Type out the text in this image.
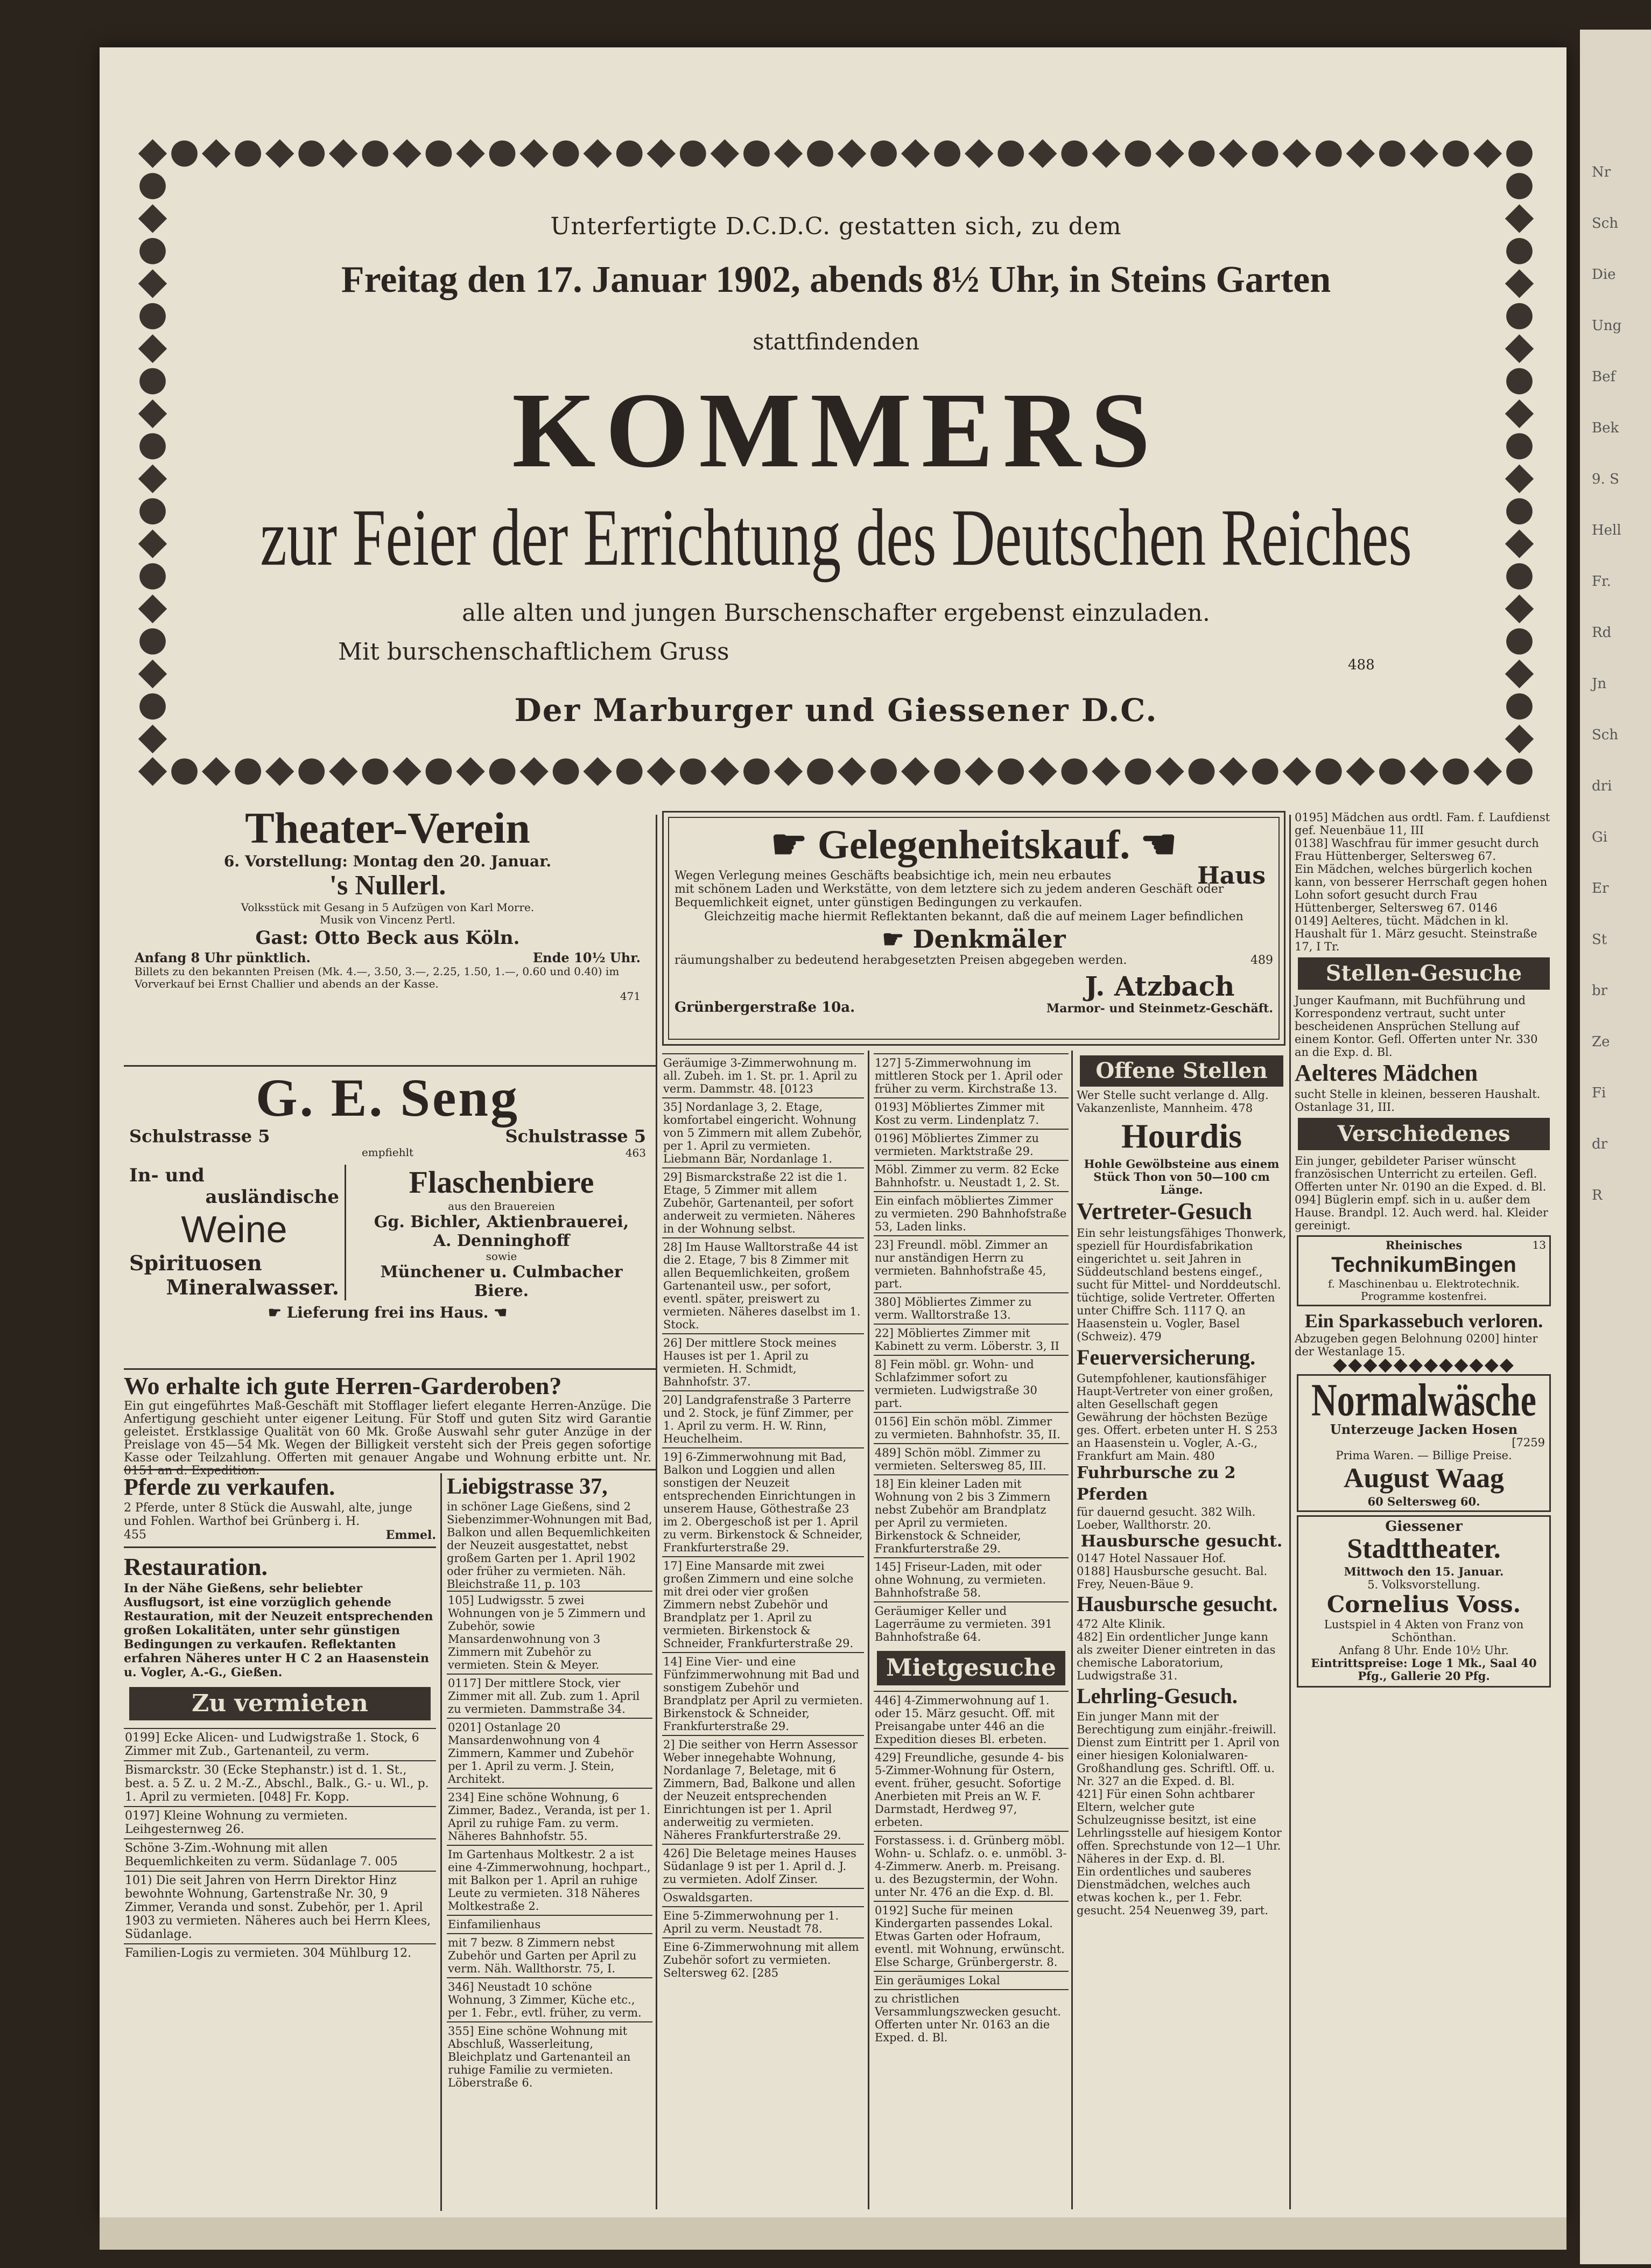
Unterfertigte D.C.D.C. gestatten sich, zu dem
Freitag den 17. Januar 1902, abends 8½ Uhr, in Steins Garten
stattfindenden
KOMMERS
zur Feier der Errichtung des Deutschen Reiches
alle alten und jungen Burschenschafter ergebenst einzuladen.
Mit burschenschaftlichem Gruss	488
Der Marburger und Giessener D.C.
Theater-Verein
6. Vorstellung: Montag den 20. Januar.
's Nullerl.
Volksstück mit Gesang in 5 Aufzügen von Karl Morre.
Musik von Vincenz Pertl.
Gast: Otto Beck aus Köln.
Anfang 8 Uhr pünktlich.	Ende 10½ Uhr.
Billets zu den bekannten Preisen (Mk. 4.—, 3.50, 3.—, 2.25, 1.50, 1.—, 0.60 und 0.40) im Vorverkauf bei Ernst Challier und abends an der Kasse.
471
G. E. Seng
Schulstrasse 5	Schulstrasse 5
empfiehlt	463
In- und
ausländische
Weine
Spirituosen
Mineralwasser.
Flaschenbiere
aus den Brauereien
Gg. Bichler, Aktienbrauerei,
A. Denninghoff
sowie
Münchener u. Culmbacher
Biere.
☛ Lieferung frei ins Haus. ☚
Wo erhalte ich gute Herren-Garderoben?
Ein gut eingeführtes Maß-Geschäft mit Stofflager liefert elegante Herren-Anzüge. Die Anfertigung geschieht unter eigener Leitung. Für Stoff und guten Sitz wird Garantie geleistet. Erstklassige Qualität von 60 Mk. Große Auswahl sehr guter Anzüge in der Preislage von 45—54 Mk. Wegen der Billigkeit versteht sich der Preis gegen sofortige Kasse oder Teilzahlung. Offerten mit genauer Angabe und Wohnung erbitte unt. Nr. 0151 an d. Expedition.
Pferde zu verkaufen.
2 Pferde, unter 8 Stück die Auswahl, alte, junge und Fohlen. Warthof bei Grünberg i. H.
455	Emmel.
Restauration.
In der Nähe Gießens, sehr beliebter Ausflugsort, ist eine vorzüglich gehende Restauration, mit der Neuzeit entsprechenden großen Lokalitäten, unter sehr günstigen Bedingungen zu verkaufen. Reflektanten erfahren Näheres unter H C 2 an Haasenstein u. Vogler, A.-G., Gießen.
Zu vermieten
0199] Ecke Alicen- und Ludwigstraße 1. Stock, 6 Zimmer mit Zub., Gartenanteil, zu verm.
Bismarckstr. 30 (Ecke Stephanstr.) ist d. 1. St., best. a. 5 Z. u. 2 M.-Z., Abschl., Balk., G.- u. Wl., p. 1. April zu vermieten. [048] Fr. Kopp.
0197] Kleine Wohnung zu vermieten. Leihgesternweg 26.
Schöne 3-Zim.-Wohnung mit allen Bequemlichkeiten zu verm. Südanlage 7. 005
101) Die seit Jahren von Herrn Direktor Hinz bewohnte Wohnung, Gartenstraße Nr. 30, 9 Zimmer, Veranda und sonst. Zubehör, per 1. April 1903 zu vermieten. Näheres auch bei Herrn Klees, Südanlage.
Familien-Logis zu vermieten. 304 Mühlburg 12.
Liebigstrasse 37,
in schöner Lage Gießens, sind 2 Siebenzimmer-Wohnungen mit Bad, Balkon und allen Bequemlichkeiten der Neuzeit ausgestattet, nebst großem Garten per 1. April 1902 oder früher zu vermieten. Näh. Bleichstraße 11, p. 103
105] Ludwigsstr. 5 zwei Wohnungen von je 5 Zimmern und Zubehör, sowie Mansardenwohnung von 3 Zimmern mit Zubehör zu vermieten. Stein & Meyer.
0117] Der mittlere Stock, vier Zimmer mit all. Zub. zum 1. April zu vermieten. Dammstraße 34.
0201] Ostanlage 20 Mansardenwohnung von 4 Zimmern, Kammer und Zubehör per 1. April zu verm. J. Stein, Architekt.
234] Eine schöne Wohnung, 6 Zimmer, Badez., Veranda, ist per 1. April zu ruhige Fam. zu verm. Näheres Bahnhofstr. 55.
Im Gartenhaus Moltkestr. 2 a ist eine 4-Zimmerwohnung, hochpart., mit Balkon per 1. April an ruhige Leute zu vermieten. 318 Näheres Moltkestraße 2.
Einfamilienhaus
mit 7 bezw. 8 Zimmern nebst Zubehör und Garten per April zu verm. Näh. Wallthorstr. 75, I.
346] Neustadt 10 schöne Wohnung, 3 Zimmer, Küche etc., per 1. Febr., evtl. früher, zu verm.
355] Eine schöne Wohnung mit Abschluß, Wasserleitung, Bleichplatz und Gartenanteil an ruhige Familie zu vermieten. Löberstraße 6.
☛ Gelegenheitskauf. ☚
Wegen Verlegung meines Geschäfts beabsichtige ich, mein neu erbautes	Haus
mit schönem Laden und Werkstätte, von dem letztere sich zu jedem anderen Geschäft oder Bequemlichkeit eignet, unter günstigen Bedingungen zu verkaufen.
Gleichzeitig mache hiermit Reflektanten bekannt, daß die auf meinem Lager befindlichen
☛ Denkmäler
räumungshalber zu bedeutend herabgesetzten Preisen abgegeben werden.	489
Grünbergerstraße 10a.
J. Atzbach
Marmor- und Steinmetz-Geschäft.
Geräumige 3-Zimmerwohnung m. all. Zubeh. im 1. St. pr. 1. April zu verm. Dammstr. 48. [0123
35] Nordanlage 3, 2. Etage, komfortabel eingericht. Wohnung von 5 Zimmern mit allem Zubehör, per 1. April zu vermieten. Liebmann Bär, Nordanlage 1.
29] Bismarckstraße 22 ist die 1. Etage, 5 Zimmer mit allem Zubehör, Gartenanteil, per sofort anderweit zu vermieten. Näheres in der Wohnung selbst.
28] Im Hause Walltorstraße 44 ist die 2. Etage, 7 bis 8 Zimmer mit allen Bequemlichkeiten, großem Gartenanteil usw., per sofort, eventl. später, preiswert zu vermieten. Näheres daselbst im 1. Stock.
26] Der mittlere Stock meines Hauses ist per 1. April zu vermieten. H. Schmidt, Bahnhofstr. 37.
20] Landgrafenstraße 3 Parterre und 2. Stock, je fünf Zimmer, per 1. April zu verm. H. W. Rinn, Heuchelheim.
19] 6-Zimmerwohnung mit Bad, Balkon und Loggien und allen sonstigen der Neuzeit entsprechenden Einrichtungen in unserem Hause, Göthestraße 23 im 2. Obergeschoß ist per 1. April zu verm. Birkenstock & Schneider, Frankfurterstraße 29.
17] Eine Mansarde mit zwei großen Zimmern und eine solche mit drei oder vier großen Zimmern nebst Zubehör und Brandplatz per 1. April zu vermieten. Birkenstock & Schneider, Frankfurterstraße 29.
14] Eine Vier- und eine Fünfzimmerwohnung mit Bad und sonstigem Zubehör und Brandplatz per April zu vermieten. Birkenstock & Schneider, Frankfurterstraße 29.
2] Die seither von Herrn Assessor Weber innegehabte Wohnung, Nordanlage 7, Beletage, mit 6 Zimmern, Bad, Balkone und allen der Neuzeit entsprechenden Einrichtungen ist per 1. April anderweitig zu vermieten. Näheres Frankfurterstraße 29.
426] Die Beletage meines Hauses Südanlage 9 ist per 1. April d. J. zu vermieten. Adolf Zinser.
Oswaldsgarten.
Eine 5-Zimmerwohnung per 1. April zu verm. Neustadt 78.
Eine 6-Zimmerwohnung mit allem Zubehör sofort zu vermieten. Seltersweg 62. [285
127] 5-Zimmerwohnung im mittleren Stock per 1. April oder früher zu verm. Kirchstraße 13.
0193] Möbliertes Zimmer mit Kost zu verm. Lindenplatz 7.
0196] Möbliertes Zimmer zu vermieten. Marktstraße 29.
Möbl. Zimmer zu verm. 82 Ecke Bahnhofstr. u. Neustadt 1, 2. St.
Ein einfach möbliertes Zimmer zu vermieten. 290 Bahnhofstraße 53, Laden links.
23] Freundl. möbl. Zimmer an nur anständigen Herrn zu vermieten. Bahnhofstraße 45, part.
380] Möbliertes Zimmer zu verm. Walltorstraße 13.
22] Möbliertes Zimmer mit Kabinett zu verm. Löberstr. 3, II
8] Fein möbl. gr. Wohn- und Schlafzimmer sofort zu vermieten. Ludwigstraße 30 part.
0156] Ein schön möbl. Zimmer zu vermieten. Bahnhofstr. 35, II.
489] Schön möbl. Zimmer zu vermieten. Seltersweg 85, III.
18] Ein kleiner Laden mit Wohnung von 2 bis 3 Zimmern nebst Zubehör am Brandplatz per April zu vermieten. Birkenstock & Schneider, Frankfurterstraße 29.
145] Friseur-Laden, mit oder ohne Wohnung, zu vermieten. Bahnhofstraße 58.
Geräumiger Keller und Lagerräume zu vermieten. 391 Bahnhofstraße 64.
Mietgesuche
446] 4-Zimmerwohnung auf 1. oder 15. März gesucht. Off. mit Preisangabe unter 446 an die Expedition dieses Bl. erbeten.
429] Freundliche, gesunde 4- bis 5-Zimmer-Wohnung für Ostern, event. früher, gesucht. Sofortige Anerbieten mit Preis an W. F. Darmstadt, Herdweg 97, erbeten.
Forstassess. i. d. Grünberg möbl. Wohn- u. Schlafz. o. e. unmöbl. 3-4-Zimmerw. Anerb. m. Preisang. u. des Bezugstermin, der Wohn. unter Nr. 476 an die Exp. d. Bl.
0192] Suche für meinen Kindergarten passendes Lokal. Etwas Garten oder Hofraum, eventl. mit Wohnung, erwünscht. Else Scharge, Grünbergerstr. 8.
Ein geräumiges Lokal
zu christlichen Versammlungszwecken gesucht. Offerten unter Nr. 0163 an die Exped. d. Bl.
Offene Stellen
Wer Stelle sucht verlange d. Allg. Vakanzenliste, Mannheim. 478
Hourdis
Hohle Gewölbsteine aus einem Stück Thon von 50—100 cm Länge.
Vertreter-Gesuch
Ein sehr leistungsfähiges Thonwerk, speziell für Hourdisfabrikation eingerichtet u. seit Jahren in Süddeutschland bestens eingef., sucht für Mittel- und Norddeutschl. tüchtige, solide Vertreter. Offerten unter Chiffre Sch. 1117 Q. an Haasenstein u. Vogler, Basel (Schweiz). 479
Feuerversicherung.
Gutempfohlener, kautionsfähiger Haupt-Vertreter von einer großen, alten Gesellschaft gegen Gewährung der höchsten Bezüge ges. Offert. erbeten unter H. S 253 an Haasenstein u. Vogler, A.-G., Frankfurt am Main. 480
Fuhrbursche zu 2 Pferden
für dauernd gesucht. 382 Wilh. Loeber, Wallthorstr. 20.
Hausbursche gesucht.
0147 Hotel Nassauer Hof.
0188] Hausbursche gesucht. Bal. Frey, Neuen-Bäue 9.
Hausbursche gesucht.
472 Alte Klinik.
482] Ein ordentlicher Junge kann als zweiter Diener eintreten in das chemische Laboratorium, Ludwigstraße 31.
Lehrling-Gesuch.
Ein junger Mann mit der Berechtigung zum einjähr.-freiwill. Dienst zum Eintritt per 1. April von einer hiesigen Kolonialwaren-Großhandlung ges. Schriftl. Off. u. Nr. 327 an die Exped. d. Bl.
421] Für einen Sohn achtbarer Eltern, welcher gute Schulzeugnisse besitzt, ist eine Lehrlingsstelle auf hiesigem Kontor offen. Sprechstunde von 12—1 Uhr. Näheres in der Exp. d. Bl.
Ein ordentliches und sauberes Dienstmädchen, welches auch etwas kochen k., per 1. Febr. gesucht. 254 Neuenweg 39, part.
0195] Mädchen aus ordtl. Fam. f. Laufdienst gef. Neuenbäue 11, III
0138] Waschfrau für immer gesucht durch Frau Hüttenberger, Seltersweg 67.
Ein Mädchen, welches bürgerlich kochen kann, von besserer Herrschaft gegen hohen Lohn sofort gesucht durch Frau Hüttenberger, Seltersweg 67. 0146
0149] Aelteres, tücht. Mädchen in kl. Haushalt für 1. März gesucht. Steinstraße 17, I Tr.
Stellen-Gesuche
Junger Kaufmann, mit Buchführung und Korrespondenz vertraut, sucht unter bescheidenen Ansprüchen Stellung auf einem Kontor. Gefl. Offerten unter Nr. 330 an die Exp. d. Bl.
Aelteres Mädchen
sucht Stelle in kleinen, besseren Haushalt. Ostanlage 31, III.
Verschiedenes
Ein junger, gebildeter Pariser wünscht französischen Unterricht zu erteilen. Gefl. Offerten unter Nr. 0190 an die Exped. d. Bl.
094] Büglerin empf. sich in u. außer dem Hause. Brandpl. 12. Auch werd. hal. Kleider gereinigt.
Rheinisches
TechnikumBingen
f. Maschinenbau u. Elektrotechnik.
Programme kostenfrei.
13
Ein Sparkassebuch verloren.
Abzugeben gegen Belohnung 0200] hinter der Westanlage 15.
◆◆◆◆◆◆◆◆◆◆◆◆
Normalwäsche
Unterzeuge Jacken Hosen
[7259
Prima Waren. — Billige Preise.
August Waag
60 Seltersweg 60.
Giessener
Stadttheater.
Mittwoch den 15. Januar.
5. Volksvorstellung.
Cornelius Voss.
Lustspiel in 4 Akten von Franz von Schönthan.
Anfang 8 Uhr. Ende 10½ Uhr.
Eintrittspreise: Loge 1 Mk., Saal 40 Pfg., Gallerie 20 Pfg.
Nr
Sch
Die
Ung
Bef
Bek
9. S
Hell
Fr.
Rd
Jn
Sch
dri
Gi
Er
St
br
Ze
Fi
dr
R
